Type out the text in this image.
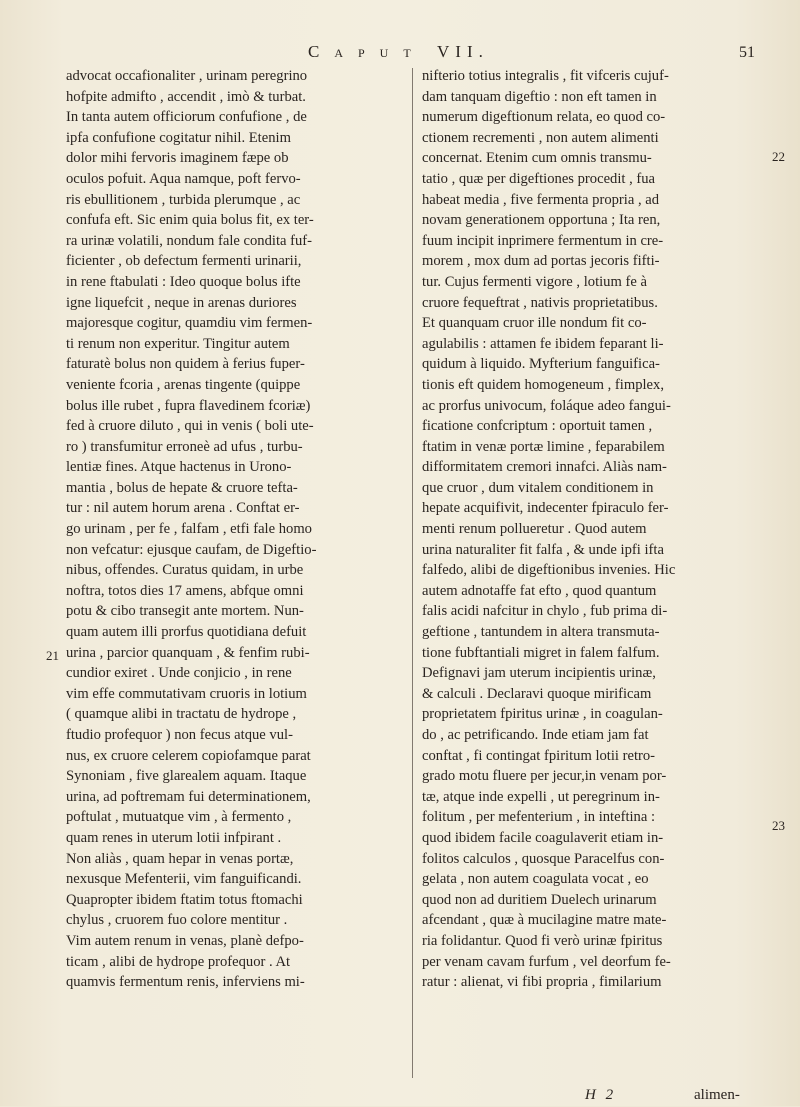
Caput VII.	51
advocat occafionaliter , urinam peregrino
hofpite admifto , accendit , imò & turbat.
In tanta autem officiorum confufione , de
ipfa confufione cogitatur nihil. Etenim
dolor mihi fervoris imaginem fæpe ob
oculos pofuit. Aqua namque, poft fervo-
ris ebullitionem , turbida plerumque , ac
confufa eft. Sic enim quia bolus fit, ex ter-
ra urinæ volatili, nondum fale condita fuf-
ficienter , ob defectum fermenti urinarii,
in rene ftabulati : Ideo quoque bolus ifte
igne liquefcit , neque in arenas duriores
majoresque cogitur, quamdiu vim fermen-
ti renum non experitur. Tingitur autem
faturatè bolus non quidem à ferius fuper-
veniente fcoria , arenas tingente (quippe
bolus ille rubet , fupra flavedinem fcoriæ)
fed à cruore diluto , qui in venis ( boli ute-
ro ) transfumitur erroneè ad ufus , turbu-
lentiæ fines. Atque hactenus in Urono-
mantia , bolus de hepate & cruore tefta-
tur : nil autem horum arena . Conftat er-
go urinam , per fe , falfam , etfi fale homo
non vefcatur: ejusque caufam, de Digeftio-
nibus, offendes. Curatus quidam, in urbe
noftra, totos dies 17 amens, abfque omni
potu & cibo transegit ante mortem. Nun-
quam autem illi prorfus quotidiana defuit
urina , parcior quanquam , & fenfim rubi-
cundior exiret . Unde conjicio , in rene
vim effe commutativam cruoris in lotium
( quamque alibi in tractatu de hydrope ,
ftudio profequor ) non fecus atque vul-
nus, ex cruore celerem copiofamque parat
Synoniam , five glarealem aquam. Itaque
urina, ad poftremam fui determinationem,
poftulat , mutuatque vim , à fermento ,
quam renes in uterum lotii infpirant .
Non aliàs , quam hepar in venas portæ,
nexusque Mefenterii, vim fanguificandi.
Quapropter ibidem ftatim totus ftomachi
chylus , cruorem fuo colore mentitur .
Vim autem renum in venas, planè defpo-
ticam , alibi de hydrope profequor . At
quamvis fermentum renis, inferviens mi-
nifterio totius integralis , fit vifceris cujuf-
dam tanquam digeftio : non eft tamen in
numerum digeftionum relata, eo quod co-
ctionem recrementi , non autem alimenti
concernat. Etenim cum omnis transmu-
tatio , quæ per digeftiones procedit , fua
habeat media , five fermenta propria , ad
novam generationem opportuna ; Ita ren,
fuum incipit inprimere fermentum in cre-
morem , mox dum ad portas jecoris fifti-
tur. Cujus fermenti vigore , lotium fe à
cruore fequeftrat , nativis proprietatibus.
Et quanquam cruor ille nondum fit co-
agulabilis : attamen fe ibidem feparant li-
quidum à liquido. Myfterium fanguifica-
tionis eft quidem homogeneum , fimplex,
ac prorfus univocum, foláque adeo fangui-
ficatione confcriptum : oportuit tamen ,
ftatim in venæ portæ limine , feparabilem
difformitatem cremori innafci. Aliàs nam-
que cruor , dum vitalem conditionem in
hepate acquifivit, indecenter fpiraculo fer-
menti renum pollueretur . Quod autem
urina naturaliter fit falfa , & unde ipfi ifta
falfedo, alibi de digeftionibus invenies. Hic
autem adnotaffe fat efto , quod quantum
falis acidi nafcitur in chylo , fub prima di-
geftione , tantundem in altera transmuta-
tione fubftantiali migret in falem falfum.
Defignavi jam uterum incipientis urinæ,
& calculi . Declaravi quoque mirificam
proprietatem fpiritus urinæ , in coagulan-
do , ac petrificando. Inde etiam jam fat
conftat , fi contingat fpiritum lotii retro-
grado motu fluere per jecur,in venam por-
tæ, atque inde expelli , ut peregrinum in-
folitum , per mefenterium , in inteftina :
quod ibidem facile coagulaverit etiam in-
folitos calculos , quosque Paracelfus con-
gelata , non autem coagulata vocat , eo
quod non ad duritiem Duelech urinarum
afcendant , quæ à mucilagine matre mate-
ria folidantur. Quod fi verò urinæ fpiritus
per venam cavam furfum , vel deorfum fe-
ratur : alienat, vi fibi propria , fimilarium
21
22
23
H 2	alimen-
